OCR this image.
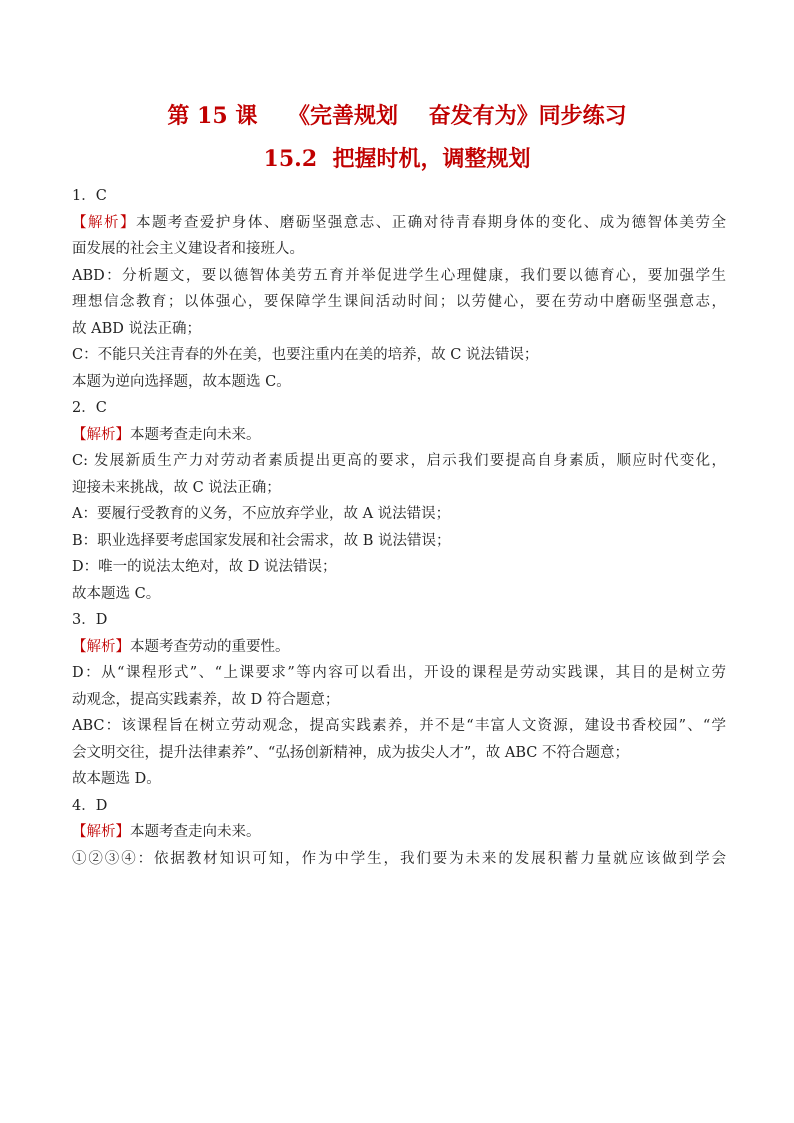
第 15 课    《完善规划    奋发有为》同步练习
15.2  把握时机，调整规划
1．C
【解析】本题考查爱护身体、磨砺坚强意志、正确对待青春期身体的变化、成为德智体美劳全
面发展的社会主义建设者和接班人。
ABD：分析题文，要以德智体美劳五育并举促进学生心理健康，我们要以德育心，要加强学生
理想信念教育；以体强心，要保障学生课间活动时间；以劳健心，要在劳动中磨砺坚强意志，
故 ABD 说法正确；
C：不能只关注青春的外在美，也要注重内在美的培养，故 C 说法错误；
本题为逆向选择题，故本题选 C。
2．C
【解析】本题考查走向未来。
C: 发展新质生产力对劳动者素质提出更高的要求，启示我们要提高自身素质，顺应时代变化，
迎接未来挑战，故 C 说法正确；
A：要履行受教育的义务，不应放弃学业，故 A 说法错误；
B：职业选择要考虑国家发展和社会需求，故 B 说法错误；
D：唯一的说法太绝对，故 D 说法错误；
故本题选 C。
3．D
【解析】本题考查劳动的重要性。
D：从“课程形式”、“上课要求”等内容可以看出，开设的课程是劳动实践课，其目的是树立劳
动观念，提高实践素养，故 D 符合题意；
ABC：该课程旨在树立劳动观念，提高实践素养，并不是“丰富人文资源，建设书香校园”、“学
会文明交往，提升法律素养”、“弘扬创新精神，成为拔尖人才”，故 ABC 不符合题意；
故本题选 D。
4．D
【解析】本题考查走向未来。
①②③④：依据教材知识可知，作为中学生，我们要为未来的发展积蓄力量就应该做到学会
